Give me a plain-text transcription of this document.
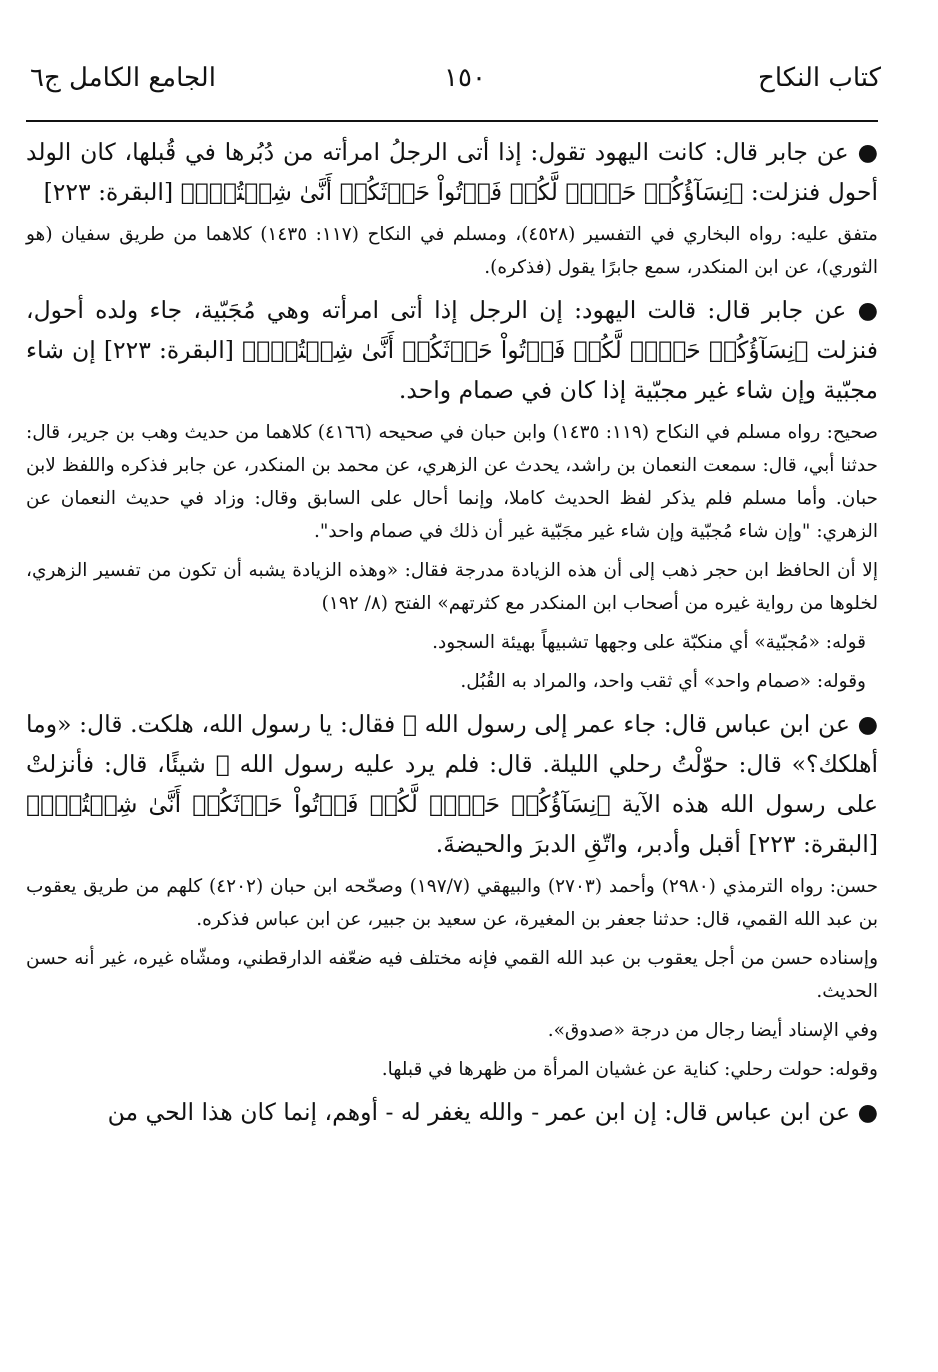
كتاب النكاح
١٥٠
الجامع الكامل ج٦

● عن جابر قال: كانت اليهود تقول: إذا أتى الرجلُ امرأته من دُبُرها في قُبلها، كان الولد أحول فنزلت: ﴿نِسَآؤُكُمۡ حَرۡثٞ لَّكُمۡ فَأۡتُواْ حَرۡثَكُمۡ أَنَّىٰ شِئۡتُمۡۖ﴾ [البقرة: ٢٢٣]

متفق عليه: رواه البخاري في التفسير (٤٥٢٨)، ومسلم في النكاح (١١٧: ١٤٣٥) كلاهما من طريق سفيان (هو الثوري)، عن ابن المنكدر، سمع جابرًا يقول (فذكره).

● عن جابر قال: قالت اليهود: إن الرجل إذا أتى امرأته وهي مُجَبّية، جاء ولده أحول، فنزلت ﴿نِسَآؤُكُمۡ حَرۡثٞ لَّكُمۡ فَأۡتُواْ حَرۡثَكُمۡ أَنَّىٰ شِئۡتُمۡۖ﴾ [البقرة: ٢٢٣] إن شاء مجبّية وإن شاء غير مجبّية إذا كان في صمام واحد.

صحيح: رواه مسلم في النكاح (١١٩: ١٤٣٥) وابن حبان في صحيحه (٤١٦٦) كلاهما من حديث وهب بن جرير، قال: حدثنا أبي، قال: سمعت النعمان بن راشد، يحدث عن الزهري، عن محمد بن المنكدر، عن جابر فذكره واللفظ لابن حبان. وأما مسلم فلم يذكر لفظ الحديث كاملا، وإنما أحال على السابق وقال: وزاد في حديث النعمان عن الزهري: "وإن شاء مُجبّية وإن شاء غير مجَبّية غير أن ذلك في صمام واحد".

إلا أن الحافظ ابن حجر ذهب إلى أن هذه الزيادة مدرجة فقال: «وهذه الزيادة يشبه أن تكون من تفسير الزهري، لخلوها من رواية غيره من أصحاب ابن المنكدر مع كثرتهم» الفتح (٨/ ١٩٢)

قوله: «مُجبّية» أي منكبّة على وجهها تشبيهاً بهيئة السجود.

وقوله: «صمام واحد» أي ثقب واحد، والمراد به القُبُل.

● عن ابن عباس قال: جاء عمر إلى رسول الله ﷺ فقال: يا رسول الله، هلكت. قال: «وما أهلكك؟» قال: حوّلْتُ رحلي الليلة. قال: فلم يرد عليه رسول الله ﷺ شيئًا، قال: فأنزلتْ على رسول الله هذه الآية ﴿نِسَآؤُكُمۡ حَرۡثٞ لَّكُمۡ فَأۡتُواْ حَرۡثَكُمۡ أَنَّىٰ شِئۡتُمۡۖ﴾ [البقرة: ٢٢٣] أقبل وأدبر، واتّقِ الدبرَ والحيضةَ.

حسن: رواه الترمذي (٢٩٨٠) وأحمد (٢٧٠٣) والبيهقي (١٩٧/٧) وصحّحه ابن حبان (٤٢٠٢) كلهم من طريق يعقوب بن عبد الله القمي، قال: حدثنا جعفر بن المغيرة، عن سعيد بن جبير، عن ابن عباس فذكره.

وإسناده حسن من أجل يعقوب بن عبد الله القمي فإنه مختلف فيه ضعّفه الدارقطني، ومشّاه غيره، غير أنه حسن الحديث.

وفي الإسناد أيضا رجال من درجة «صدوق».

وقوله: حولت رحلي: كناية عن غشيان المرأة من ظهرها في قبلها.

● عن ابن عباس قال: إن ابن عمر - والله يغفر له - أوهم، إنما كان هذا الحي من
